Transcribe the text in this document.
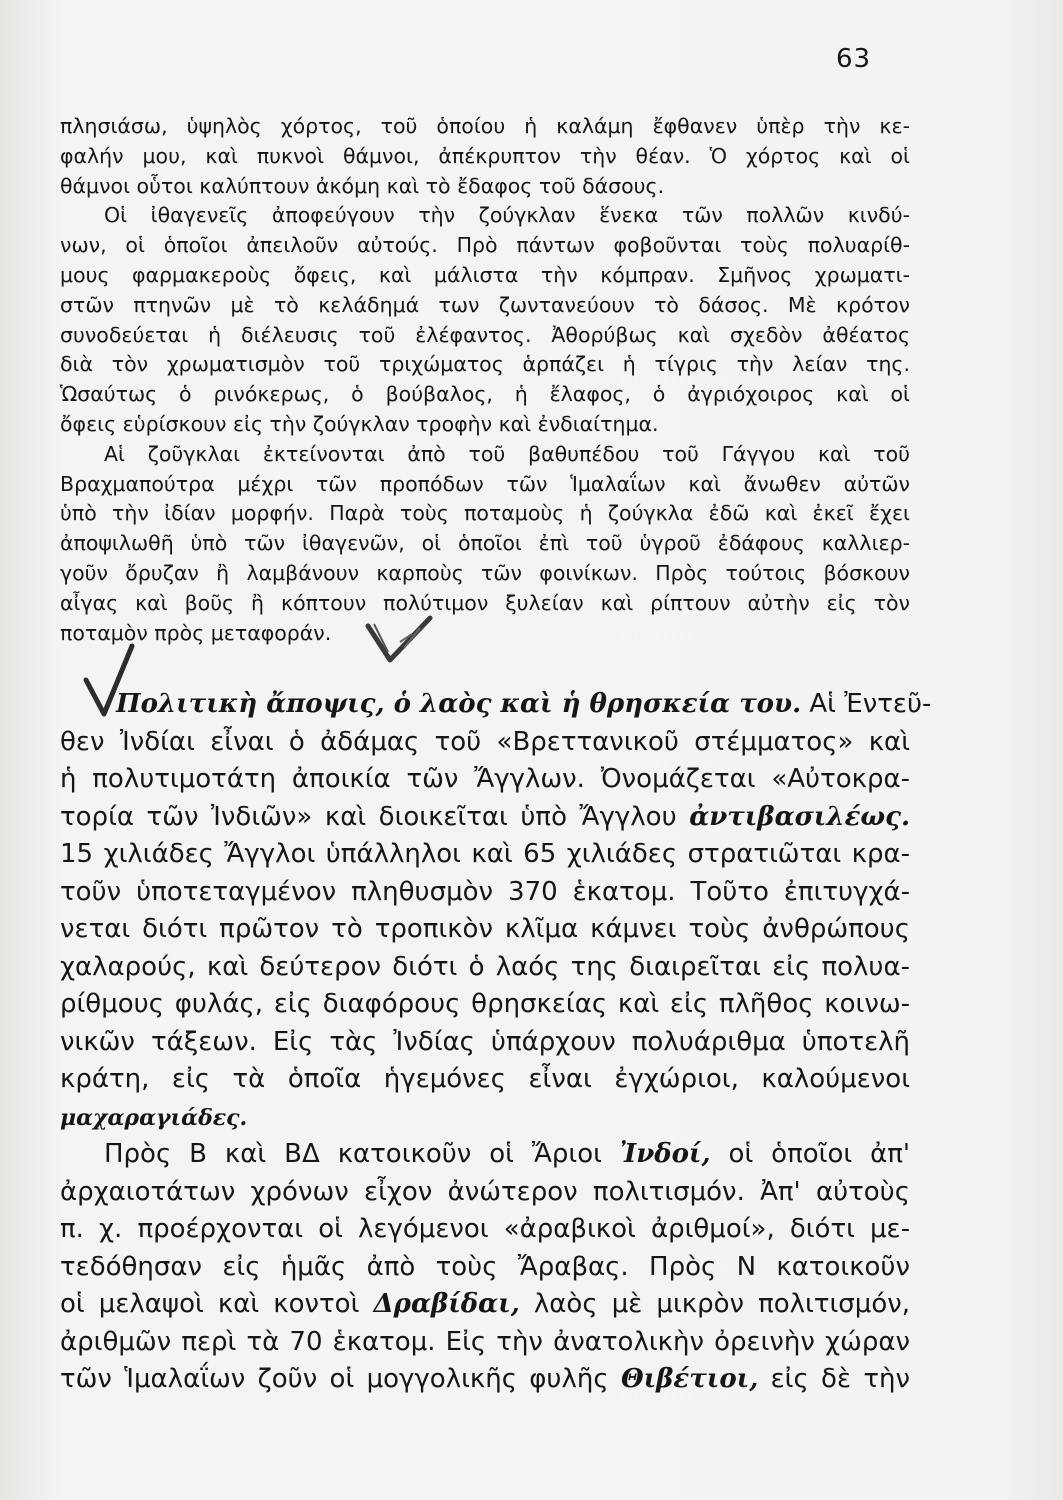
63
πλησιάσω, ὑψηλὸς χόρτος, τοῦ ὁποίου ἡ καλάμη ἔφθανεν ὑπὲρ τὴν κε-
φαλήν μου, καὶ πυκνοὶ θάμνοι, ἀπέκρυπτον τὴν θέαν. Ὁ χόρτος καὶ οἱ
θάμνοι οὗτοι καλύπτουν ἀκόμη καὶ τὸ ἔδαφος τοῦ δάσους.
Οἱ ἰθαγενεῖς ἀποφεύγουν τὴν ζούγκλαν ἕνεκα τῶν πολλῶν κινδύ-
νων, οἱ ὁποῖοι ἀπειλοῦν αὐτούς. Πρὸ πάντων φοβοῦνται τοὺς πολυαρίθ-
μους φαρμακεροὺς ὄφεις, καὶ μάλιστα τὴν κόμπραν. Σμῆνος χρωματι-
στῶν πτηνῶν μὲ τὸ κελάδημά των ζωντανεύουν τὸ δάσος. Μὲ κρότον
συνοδεύεται ἡ διέλευσις τοῦ ἐλέφαντος. Ἀθορύβως καὶ σχεδὸν ἀθέατος
διὰ τὸν χρωματισμὸν τοῦ τριχώματος ἁρπάζει ἡ τίγρις τὴν λείαν της.
Ὡσαύτως ὁ ρινόκερως, ὁ βούβαλος, ἡ ἔλαφος, ὁ ἀγριόχοιρος καὶ οἱ
ὄφεις εὑρίσκουν εἰς τὴν ζούγκλαν τροφὴν καὶ ἐνδιαίτημα.
Αἱ ζοῦγκλαι ἐκτείνονται ἀπὸ τοῦ βαθυπέδου τοῦ Γάγγου καὶ τοῦ
Βραχμαπούτρα μέχρι τῶν προπόδων τῶν Ἱμαλαΐων καὶ ἄνωθεν αὐτῶν
ὑπὸ τὴν ἰδίαν μορφήν. Παρὰ τοὺς ποταμοὺς ἡ ζούγκλα ἐδῶ καὶ ἐκεῖ ἔχει
ἀποψιλωθῆ ὑπὸ τῶν ἰθαγενῶν, οἱ ὁποῖοι ἐπὶ τοῦ ὑγροῦ ἐδάφους καλλιερ-
γοῦν ὄρυζαν ἢ λαμβάνουν καρποὺς τῶν φοινίκων. Πρὸς τούτοις βόσκουν
αἶγας καὶ βοῦς ἢ κόπτουν πολύτιμον ξυλείαν καὶ ρίπτουν αὐτὴν εἰς τὸν
ποταμὸν πρὸς μεταφοράν.
Πολιτικὴ ἄποψις, ὁ λαὸς καὶ ἡ θρησκεία του. Αἱ Ἐντεῦ-
θεν Ἰνδίαι εἶναι ὁ ἀδάμας τοῦ «Βρεττανικοῦ στέμματος» καὶ
ἡ πολυτιμοτάτη ἀποικία τῶν Ἄγγλων. Ὀνομάζεται «Αὐτοκρα-
τορία τῶν Ἰνδιῶν» καὶ διοικεῖται ὑπὸ Ἄγγλου ἀντιβασιλέως.
15 χιλιάδες Ἄγγλοι ὑπάλληλοι καὶ 65 χιλιάδες στρατιῶται κρα-
τοῦν ὑποτεταγμένον πληθυσμὸν 370 ἑκατομ. Τοῦτο ἐπιτυγχά-
νεται διότι πρῶτον τὸ τροπικὸν κλῖμα κάμνει τοὺς ἀνθρώπους
χαλαρούς, καὶ δεύτερον διότι ὁ λαός της διαιρεῖται εἰς πολυα-
ρίθμους φυλάς, εἰς διαφόρους θρησκείας καὶ εἰς πλῆθος κοινω-
νικῶν τάξεων. Εἰς τὰς Ἰνδίας ὑπάρχουν πολυάριθμα ὑποτελῆ
κράτη, εἰς τὰ ὁποῖα ἡγεμόνες εἶναι ἐγχώριοι, καλούμενοι
μαχαραγιάδες.
Πρὸς Β καὶ ΒΔ κατοικοῦν οἱ Ἄριοι Ἰνδοί, οἱ ὁποῖοι ἀπ'
ἀρχαιοτάτων χρόνων εἶχον ἀνώτερον πολιτισμόν. Ἀπ' αὐτοὺς
π. χ. προέρχονται οἱ λεγόμενοι «ἀραβικοὶ ἀριθμοί», διότι με-
τεδόθησαν εἰς ἡμᾶς ἀπὸ τοὺς Ἄραβας. Πρὸς Ν κατοικοῦν
οἱ μελαψοὶ καὶ κοντοὶ Δραβίδαι, λαὸς μὲ μικρὸν πολιτισμόν,
ἀριθμῶν περὶ τὰ 70 ἑκατομ. Εἰς τὴν ἀνατολικὴν ὀρεινὴν χώραν
τῶν Ἱμαλαΐων ζοῦν οἱ μογγολικῆς φυλῆς Θιβέτιοι, εἰς δὲ τὴν
